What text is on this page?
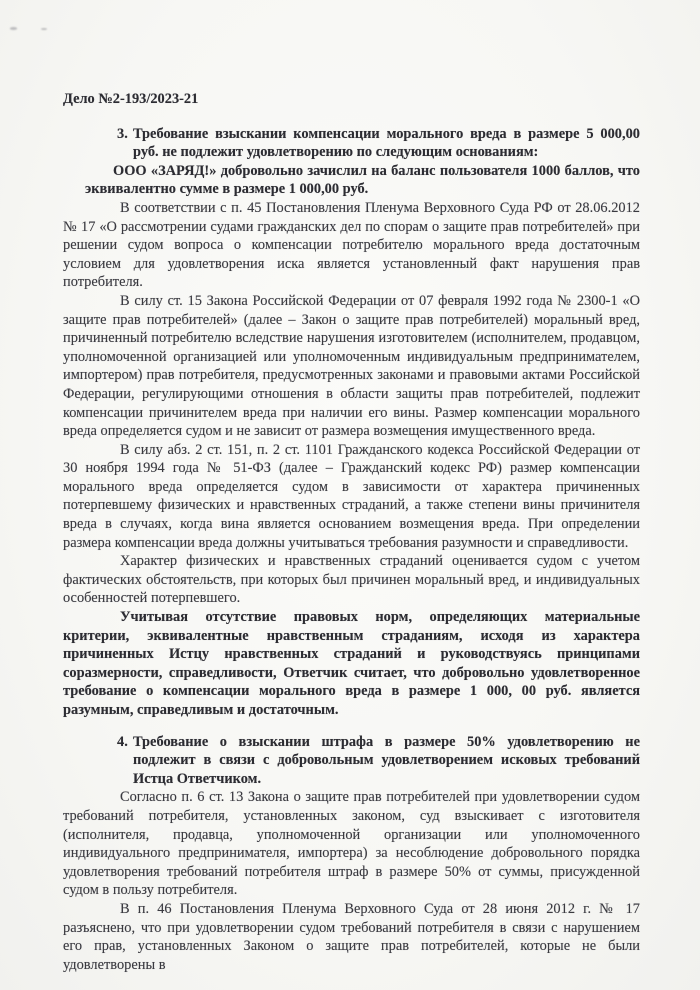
Дело №2-193/2023-21

3. Требование взыскании компенсации морального вреда в размере 5 000,00 руб. не подлежит удовлетворению по следующим основаниям:

ООО «ЗАРЯД!» добровольно зачислил на баланс пользователя 1000 баллов, что эквивалентно сумме в размере 1 000,00 руб.

В соответствии с п. 45 Постановления Пленума Верховного Суда РФ от 28.06.2012 № 17 «О рассмотрении судами гражданских дел по спорам о защите прав потребителей» при решении судом вопроса о компенсации потребителю морального вреда достаточным условием для удовлетворения иска является установленный факт нарушения прав потребителя.

В силу ст. 15 Закона Российской Федерации от 07 февраля 1992 года № 2300-1 «О защите прав потребителей» (далее – Закон о защите прав потребителей) моральный вред, причиненный потребителю вследствие нарушения изготовителем (исполнителем, продавцом, уполномоченной организацией или уполномоченным индивидуальным предпринимателем, импортером) прав потребителя, предусмотренных законами и правовыми актами Российской Федерации, регулирующими отношения в области защиты прав потребителей, подлежит компенсации причинителем вреда при наличии его вины. Размер компенсации морального вреда определяется судом и не зависит от размера возмещения имущественного вреда.

В силу абз. 2 ст. 151, п. 2 ст. 1101 Гражданского кодекса Российской Федерации от 30 ноября 1994 года № 51-ФЗ (далее – Гражданский кодекс РФ) размер компенсации морального вреда определяется судом в зависимости от характера причиненных потерпевшему физических и нравственных страданий, а также степени вины причинителя вреда в случаях, когда вина является основанием возмещения вреда. При определении размера компенсации вреда должны учитываться требования разумности и справедливости.

Характер физических и нравственных страданий оценивается судом с учетом фактических обстоятельств, при которых был причинен моральный вред, и индивидуальных особенностей потерпевшего.

Учитывая отсутствие правовых норм, определяющих материальные критерии, эквивалентные нравственным страданиям, исходя из характера причиненных Истцу нравственных страданий и руководствуясь принципами соразмерности, справедливости, Ответчик считает, что добровольно удовлетворенное требование о компенсации морального вреда в размере 1 000, 00 руб. является разумным, справедливым и достаточным.

4. Требование о взыскании штрафа в размере 50% удовлетворению не подлежит в связи с добровольным удовлетворением исковых требований Истца Ответчиком.

Согласно п. 6 ст. 13 Закона о защите прав потребителей при удовлетворении судом требований потребителя, установленных законом, суд взыскивает с изготовителя (исполнителя, продавца, уполномоченной организации или уполномоченного индивидуального предпринимателя, импортера) за несоблюдение добровольного порядка удовлетворения требований потребителя штраф в размере 50% от суммы, присужденной судом в пользу потребителя.

В п. 46 Постановления Пленума Верховного Суда от 28 июня 2012 г. № 17 разъяснено, что при удовлетворении судом требований потребителя в связи с нарушением его прав, установленных Законом о защите прав потребителей, которые не были удовлетворены в
